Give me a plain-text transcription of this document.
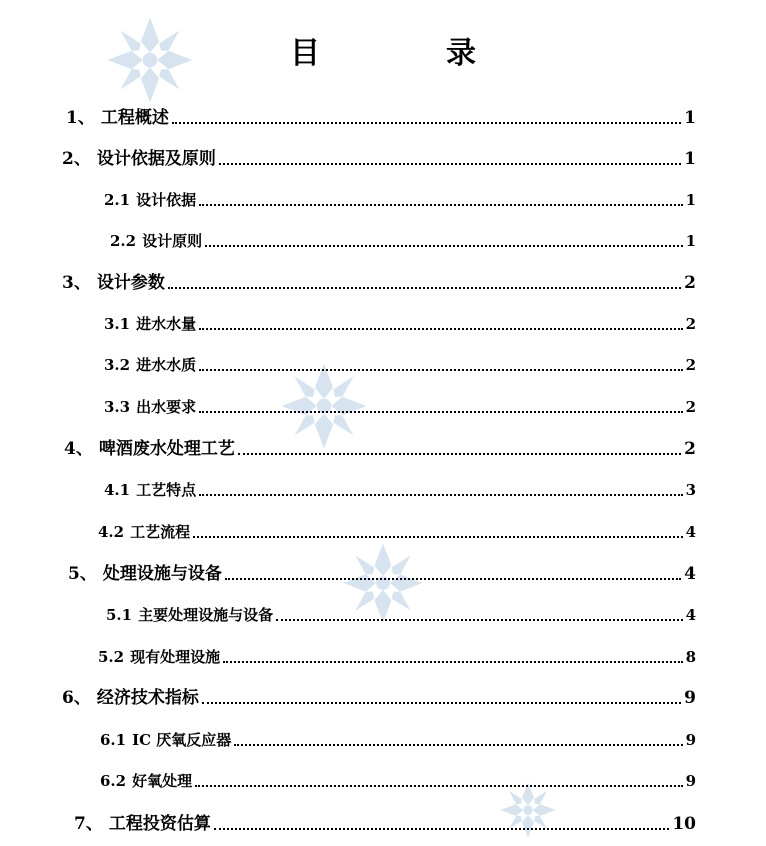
目　录
1、 工程概述	1
2、 设计依据及原则	1
2.1 设计依据	1
2.2 设计原则	1
3、 设计参数	2
3.1 进水水量	2
3.2 进水水质	2
3.3 出水要求	2
4、 啤酒废水处理工艺	2
4.1 工艺特点	3
4.2 工艺流程	4
5、 处理设施与设备	4
5.1 主要处理设施与设备	4
5.2 现有处理设施	8
6、 经济技术指标	9
6.1 IC 厌氧反应器	9
6.2 好氧处理	9
7、 工程投资估算	10
